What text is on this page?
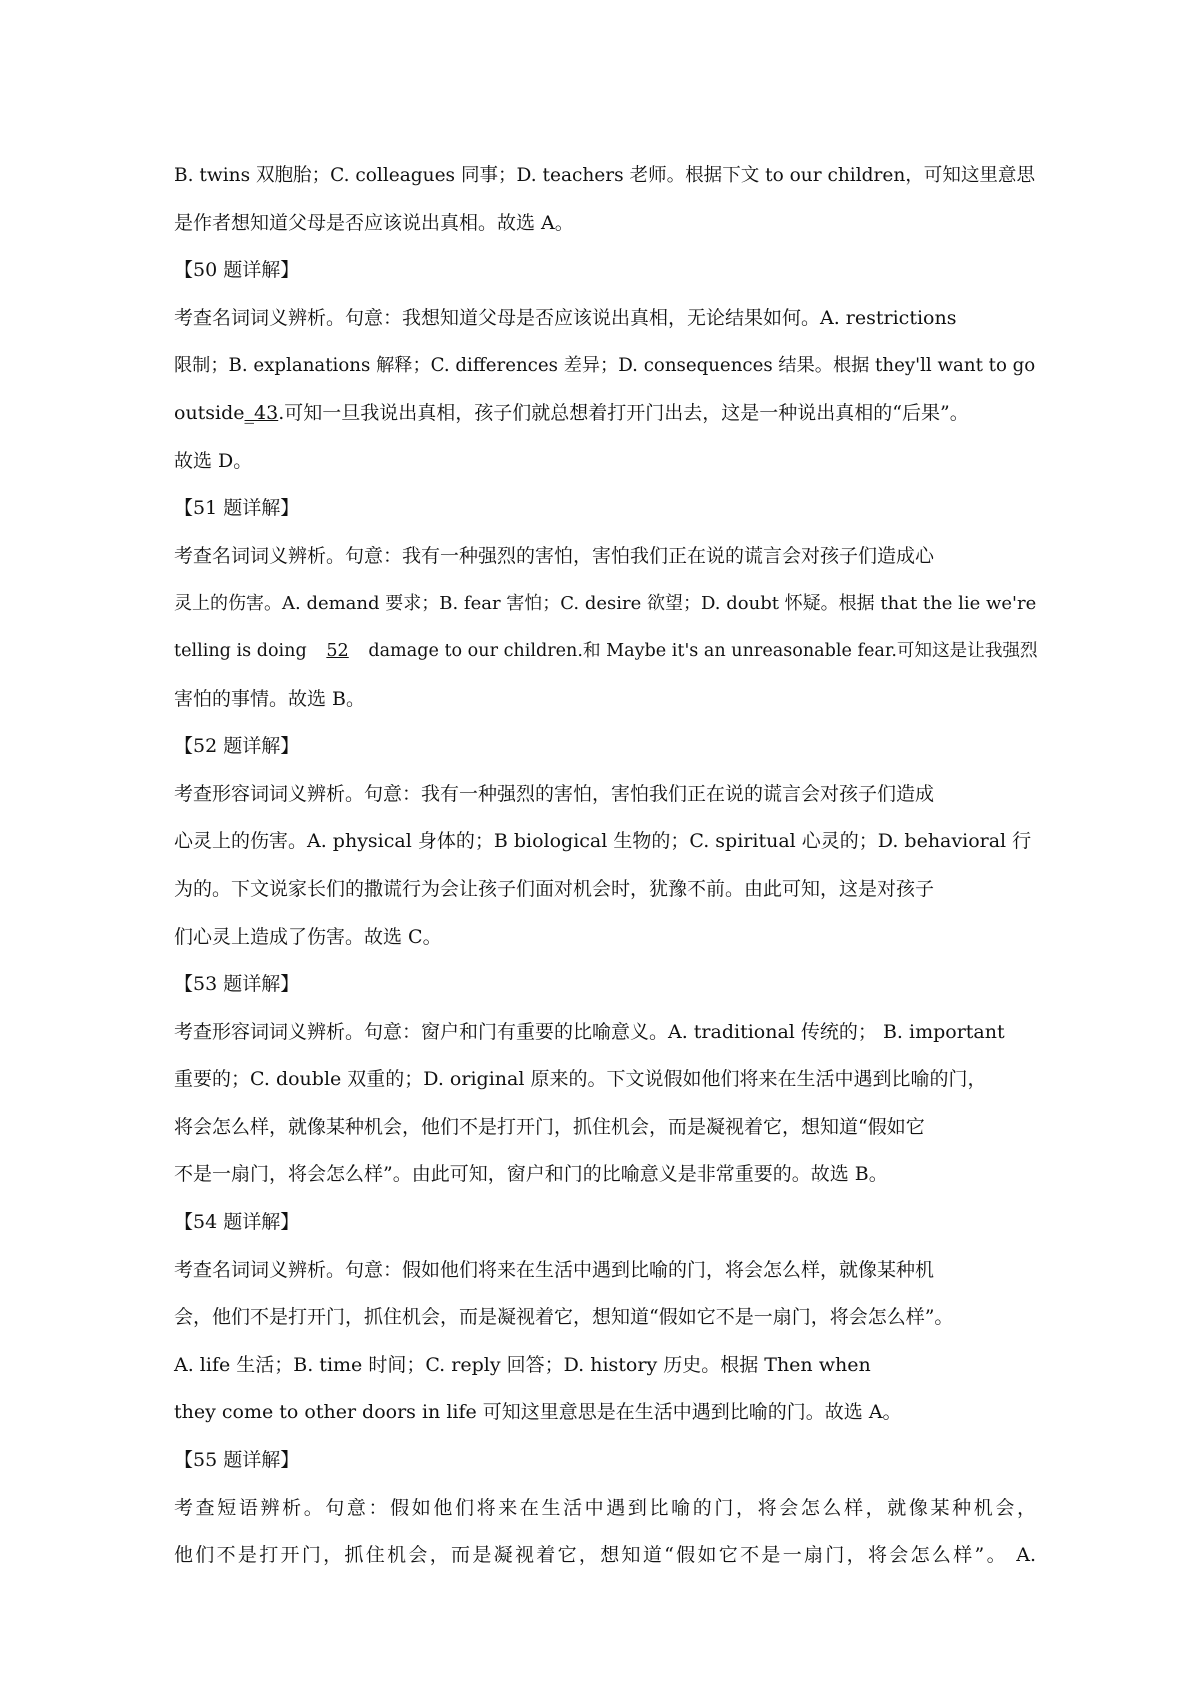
B. twins 双胞胎；C. colleagues 同事；D. teachers 老师。根据下文 to our children，可知这里意思
是作者想知道父母是否应该说出真相。故选 A。
【50 题详解】
考查名词词义辨析。句意：我想知道父母是否应该说出真相，无论结果如何。A. restrictions
限制；B. explanations 解释；C. differences 差异；D. consequences 结果。根据 they'll want to go
outside_43.可知一旦我说出真相，孩子们就总想着打开门出去，这是一种说出真相的“后果”。
故选 D。
【51 题详解】
考查名词词义辨析。句意：我有一种强烈的害怕，害怕我们正在说的谎言会对孩子们造成心
灵上的伤害。A. demand 要求；B. fear 害怕；C. desire 欲望；D. doubt 怀疑。根据 that the lie we're
telling is doing 52 damage to our children.和 Maybe it's an unreasonable fear.可知这是让我强烈
害怕的事情。故选 B。
【52 题详解】
考查形容词词义辨析。句意：我有一种强烈的害怕，害怕我们正在说的谎言会对孩子们造成
心灵上的伤害。A. physical 身体的；B biological 生物的；C. spiritual 心灵的；D. behavioral 行
为的。下文说家长们的撒谎行为会让孩子们面对机会时，犹豫不前。由此可知，这是对孩子
们心灵上造成了伤害。故选 C。
【53 题详解】
考查形容词词义辨析。句意：窗户和门有重要的比喻意义。A. traditional 传统的； B. important
重要的；C. double 双重的；D. original 原来的。下文说假如他们将来在生活中遇到比喻的门，
将会怎么样，就像某种机会，他们不是打开门，抓住机会，而是凝视着它，想知道“假如它
不是一扇门，将会怎么样”。由此可知，窗户和门的比喻意义是非常重要的。故选 B。
【54 题详解】
考查名词词义辨析。句意：假如他们将来在生活中遇到比喻的门，将会怎么样，就像某种机
会，他们不是打开门，抓住机会，而是凝视着它，想知道“假如它不是一扇门，将会怎么样”。
A. life 生活；B. time 时间；C. reply 回答；D. history 历史。根据 Then when
they come to other doors in life 可知这里意思是在生活中遇到比喻的门。故选 A。
【55 题详解】
考查短语辨析。句意：假如他们将来在生活中遇到比喻的门，将会怎么样，就像某种机会，
他们不是打开门，抓住机会，而是凝视着它，想知道“假如它不是一扇门，将会怎么样”。 A.
